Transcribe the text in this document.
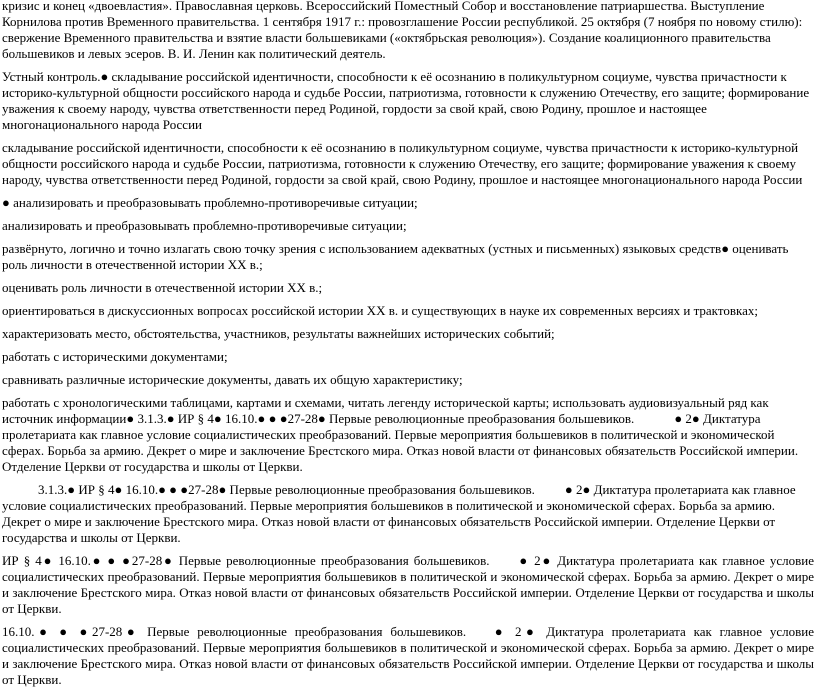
кризис и конец «двоевластия». Православная церковь. Всероссийский Поместный Собор и восстановление патриаршества. Выступление Корнилова против Временного правительства. 1 сентября 1917 г.: провозглашение России республикой. 25 октября (7 ноября по новому стилю): свержение Временного правительства и взятие власти большевиками («октябрьская революция»). Создание коалиционного правительства большевиков и левых эсеров. В. И. Ленин как политический деятель.

Устный контроль.● складывание российской идентичности, способности к её осознанию в поликультурном социуме, чувства причастности к историко-культурной общности российского народа и судьбе России, патриотизма, готовности к служению Отечеству, его защите; формирование уважения к своему народу, чувства ответственности перед Родиной, гордости за свой край, свою Родину, прошлое и настоящее многонационального народа России

складывание российской идентичности, способности к её осознанию в поликультурном социуме, чувства причастности к историко-культурной общности российского народа и судьбе России, патриотизма, готовности к служению Отечеству, его защите; формирование уважения к своему народу, чувства ответственности перед Родиной, гордости за свой край, свою Родину, прошлое и настоящее многонационального народа России

● анализировать и преобразовывать проблемно-противоречивые ситуации;

анализировать и преобразовывать проблемно-противоречивые ситуации;

развёрнуто, логично и точно излагать свою точку зрения с использованием адекватных (устных и письменных) языковых средств● оценивать роль личности в отечественной истории XX в.;

оценивать роль личности в отечественной истории XX в.;

ориентироваться в дискуссионных вопросах российской истории XX в. и существующих в науке их современных версиях и трактовках;

характеризовать место, обстоятельства, участников, результаты важнейших исторических событий;

работать с историческими документами;

сравнивать различные исторические документы, давать их общую характеристику;

работать с хронологическими таблицами, картами и схемами, читать легенду исторической карты; использовать аудиовизуальный ряд как источник информации● 3.1.3.● ИР § 4● 16.10.● ● ●27-28● Первые революционные преобразования большевиков.	● 2● Диктатура пролетариата как главное условие социалистических преобразований. Первые мероприятия большевиков в политической и экономической сферах. Борьба за армию. Декрет о мире и заключение Брестского мира. Отказ новой власти от финансовых обязательств Российской империи. Отделение Церкви от государства и школы от Церкви.

3.1.3.● ИР § 4● 16.10.● ● ●27-28● Первые революционные преобразования большевиков. ● 2● Диктатура пролетариата как главное условие социалистических преобразований. Первые мероприятия большевиков в политической и экономической сферах. Борьба за армию. Декрет о мире и заключение Брестского мира. Отказ новой власти от финансовых обязательств Российской империи. Отделение Церкви от государства и школы от Церкви.

ИР § 4● 16.10.● ● ●27-28● Первые революционные преобразования большевиков. ● 2● Диктатура пролетариата как главное условие социалистических преобразований. Первые мероприятия большевиков в политической и экономической сферах. Борьба за армию. Декрет о мире и заключение Брестского мира. Отказ новой власти от финансовых обязательств Российской империи. Отделение Церкви от государства и школы от Церкви.

16.10.● ● ●27-28● Первые революционные преобразования большевиков. ● 2● Диктатура пролетариата как главное условие социалистических преобразований. Первые мероприятия большевиков в политической и экономической сферах. Борьба за армию. Декрет о мире и заключение Брестского мира. Отказ новой власти от финансовых обязательств Российской империи. Отделение Церкви от государства и школы от Церкви.
